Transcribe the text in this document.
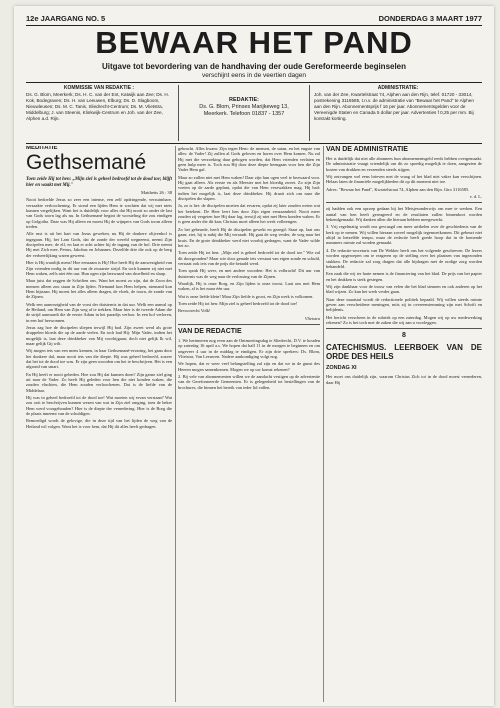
12e JAARGANG NO. 5	DONDERDAG 3 MAART 1977
BEWAAR HET PAND
Uitgave tot bevordering van de handhaving der oude Gereformeerde beginselen
verschijnt eens in de veertien dagen
KOMMISSIE VAN REDAKTIE :
Ds. G. Blom, Meerkerk; Ds. H. C. van der Ent, Katwijk aan Zee; Ds. H. Kok, Bodegraven; Ds. H. van Leeuwen, Elburg; Ds. D. Slagboom, Nieuwleusen; Ds. M. C. Tanis, Sliedrecht-Centrum; Ds. M. Vlietstra, Middelburg; J. van Steenis, Klinkwijk-Centrum en Joh. van der Zee, Alphen a.d. Rijn.
REDAKTIE:
Ds. G. Blom, Prinses Marijkeweg 13,
Meerkerk. Telefoon 01837 - 1357
ADMINISTRATIE:
Joh. van der Zee, Kwartelstraat 74, Alphen aan den Rijn, telef. 01720 - 33014, postrekening 3116585, t.n.v. de administratie van "Bewaar het Pand" te Alphen aan den Rijn. Abonnementsprijs f 16 per jaar. Abonnementsgelden voor de Vereenigde Staten en Canada 5 dollar per jaar. Advertenties f 0,25 per mm. Bij kontrakt korting.
MEDITATIE
Gethsemané
Toen zeide Hij tot hen: „Mijn ziel is geheel bedroefd tot de dood toe; blijft hier en waakt met Mij."
Mattheüs 26 : 38

Nooit bedoelde Jezus zo zeer een intense, een zelf opdringende, verzuimbare, verzaakte verloochening. Er stond een lijden Hem te wachten dat wij met niets kunnen vergelijken. Want het is duidelijk voor alles dat Hij nooit zo onder de last van Gods toorn lag als nu. In Gethsemané begint de worsteling die zou eindigen op Golgotha. Daar was Hij alleen en moest Hij de wijnpers van Gods toorn alleen treden.

Alle rust is uit het hart van Jezus geweken, nu Hij de donkere olijvenhof is ingegaan. Hij, het Lam Gods, dat de zonde der wereld wegneemt, neemt Zijn discipelen mee, de elf, en laat er acht achter bij de ingang van de hof. Drie neemt Hij met Zich mee, Petrus, Jakobus en Johannes. Dezelfde drie die ook op de berg der verheerlijking waren geweest.

Hier is Hij waarlijk mens! Hoe eenzaam is Hij! Hoe heeft Hij de aanwezigheid van Zijn vrienden nodig in dit uur van de zwaarste strijd. En toch kunnen zij niet met Hem waken, zelfs niet één uur. Hun ogen zijn bezwaard van droefheid en slaap.

Maar juist dat zeggen de Schriften ons. Want het moest zo zijn, dat de Zoon des mensen alleen zou staan in Zijn lijden. Niemand kon Hem helpen, niemand kon Hem bijstaan. Hij moest het alles alleen dragen, de vloek, de toorn, de zonde van de Zijnen.

Welk een aanwezigheid van de vorst der duisternis in dat uur. Welk een aanval op de Heiland, om Hem van Zijn weg af te trekken. Maar hier is de tweede Adam die de strijd aanvaardt die de eerste Adam in het paradijs verloor. In een hof verloren, in een hof herwonnen.

Jezus zag hoe de discipelen sliepen terwijl Hij bad. Zijn zweet werd als grote druppelen bloeds die op de aarde vielen. En toch bad Hij: Mijn Vader, indien het mogelijk is, laat deze drinkbeker van Mij voorbijgaan; doch niet gelijk Ik wil, maar gelijk Gij wilt.

Wij mogen iets van een mens kennen, in haar Gethsemané-ervaring, het gaan door het donkere dal, maar nooit iets van die diepte. Hij was geheel bedroefd, zozeer dat het tot de dood toe was. Er zijn geen woorden om het te beschrijven. Het is een afgrond van smart.

En Hij heeft er nooit gebeden. Hoe zou Hij dat kunnen doen? Zijn ganse ziel ging uit naar de Vader. Zo heeft Hij geleden voor hen die niet konden waken, die zouden vluchten, die Hem zouden verloochenen. Dat is de liefde van de Middelaar.

Hij was in geheel bedroefd tot de dood toe! Wat moeten wij ervan verstaan? Wat zou ooit te beschrijven kunnen wezen van wat in Zijn ziel omging, toen de beker Hem werd voorgehouden? Hier is de diepte der vernedering. Hier is de Borg die de plaats inneemt van de schuldigen.

Bemoedigd wordt de gelovige, die in deze tijd van het lijden de weg van de Heiland wil volgen. Want het is voor hem, dat Hij dit alles heeft gedragen.

gebracht. Alles kwam: Zijn tegen Hem: de mensen, de satan, en het engste van alles: de Vader! Zij zullen al Gods geloven en horen over Hem komen. Nu zal Hij met die verzoeking daar gebogen worden, dat Hem vrienden verlaten en geen hulp meer is. Toch zou Hij door deze diepte heengaan voor hen die Zijn Vader Hem gaf.

Maar zo zullen niet met Hem waken! Daar zijn hun ogen veel te bezwaard voor. Hij gaat alleen. Als eerste en als Meester met het bloedig zweet. Zo zijn Zijn voeten op de aarde geplant, opdat die van Hem verzwakken mag. Hij bad: indien het mogelijk is, laat deze drinkbeker. Hij draait zich om naar die discipelen die slapen.

Ja, zo is het: de discipelen moeten dat ervaren, opdat zij later zouden weten wat het betekent. De Heer leert hen door Zijn eigen eenzaamheid. Nooit meer zouden zij vergeten hoe Hij daar lag, terwijl zij niet met Hem konden waken. Er is geen ander die dit kan; Christus moet alleen het werk volbrengen.

Zo het gebeurde, heeft Hij de discipelen gewekt en gezegd: Staat op, laat ons gaan; ziet, hij is nabij die Mij verraadt. Hij gaat de weg verder, de weg naar het kruis. En de grote drinkbeker werd niet voorbij gedragen, want de Vader wilde het zo.

Toen zeide Hij tot hen: „Mijn ziel is geheel bedroefd tot de dood toe." Wie zal dit doorgronden? Maar wie door genade iets verstaat van eigen zonde en schuld, verstaat ook iets van de prijs die betaald werd.

Toen sprak Hij weer, en met andere woorden: Het is volbracht! Dit uur van duisternis was de weg naar de verlossing van de Zijnen.

Waarlijk, Hij is onze Borg, en Zijn lijden is onze troost. Laat ons met Hem waken, al is het maar één uur.

Wat is onze liefde klein! Maar Zijn liefde is groot, en Zijn werk is volkomen.

Toen zeide Hij tot hen: Mijn ziel is geheel bedroefd tot de dood toe!

Bevoorrecht Volk!

Vlietstra

VAN DE REDACTIE

1. We herinneren nog even aan de Ontmoetingsdag te Sliedrecht, D.V. te houden op zaterdag 16 april a.s. We hopen dat half 11 in de morgen te beginnen en om ongeveer 4 uur in de middag te eindigen. Er zijn drie sprekers: Ds. Blom, Vlietstra, Van Leeuwen. Nadere aankondiging volgt nog.

We hopen, dat er weer veel belangstelling zal zijn en dat we in de gunst des Heeren mogen samenkomen. Mogen we op uw komst rekenen?

2. Bij vele van abonnementen willen we de aandacht vestigen op de advertentie van de Gereformeerde Gemeenten. Er is gelegenheid tot bestellingen van de brochures, die binnen het bereik van ieder lid vallen.

VAN DE ADMINISTRATIE

Het is duidelijk dat niet alle abonnees hun abonnementsgeld reeds hebben overgemaakt. De administratie vraagt vriendelijk om dit zo spoedig mogelijk te doen, aangezien de kosten van drukken en verzenden steeds stijgen.

Wij ontvangen wel eens brieven met de vraag of het blad niet vaker kan verschijnen. Helaas laten de financiële mogelijkheden dit op dit moment niet toe.

Adres: "Bewaar het Pand", Kwartelstraat 74, Alphen aan den Rijn. Giro 3116585.

v. d. L.

zij hadden ook een oproep gedaan bij het Meisjesonderwijs om mee te werken. Een aantal van hen heeft gereageerd en de resultaten zullen binnenkort worden bekendgemaakt. Wij danken allen die hieraan hebben meegewerkt.

3. Vrij regelmatig wordt ons gevraagd om meer artikelen over de geschiedenis van de kerk op te nemen. Wij willen hieraan zoveel mogelijk tegemoetkomen. Dit gebeurt niet altijd in hetzelfde tempo, maar de redactie heeft goede hoop dat in de komende nummers ruimte zal worden gemaakt.

4. De redactie-secretaris van De Wekker heeft ons het volgende geschreven. De lezers worden opgeroepen om te reageren op de stelling over het plaatsen van ingezonden stukken. De redactie zal zorg dragen dat alle bijdragen met de nodige zorg worden behandeld.

Een zaak die wij ter harte nemen is de financiering van het blad. De prijs van het papier en het drukken is sterk gestegen.

Wij zijn dankbaar voor de trouw van velen die het blad steunen en ook anderen op het blad wijzen. Zo kan het werk verder gaan.

Naar deze maatstaf wordt de redactionele politiek bepaald. Wij willen steeds ruimte geven aan verscheidene meningen, mits zij in overeenstemming zijn met Schrift en belijdenis.

Het bericht verscheen in de rubriek op een zaterdag. Mogen wij op uw medewerking rekenen? Zo is het toch met de zaken die wij aan u voorleggen.

8
CATECHISMUS. LEERBOEK VAN DE ORDE DES HEILS
ZONDAG XI

Het moet ons duidelijk zijn, waarom Christus Zich tot in de dood moest vernederen, daar Hij
